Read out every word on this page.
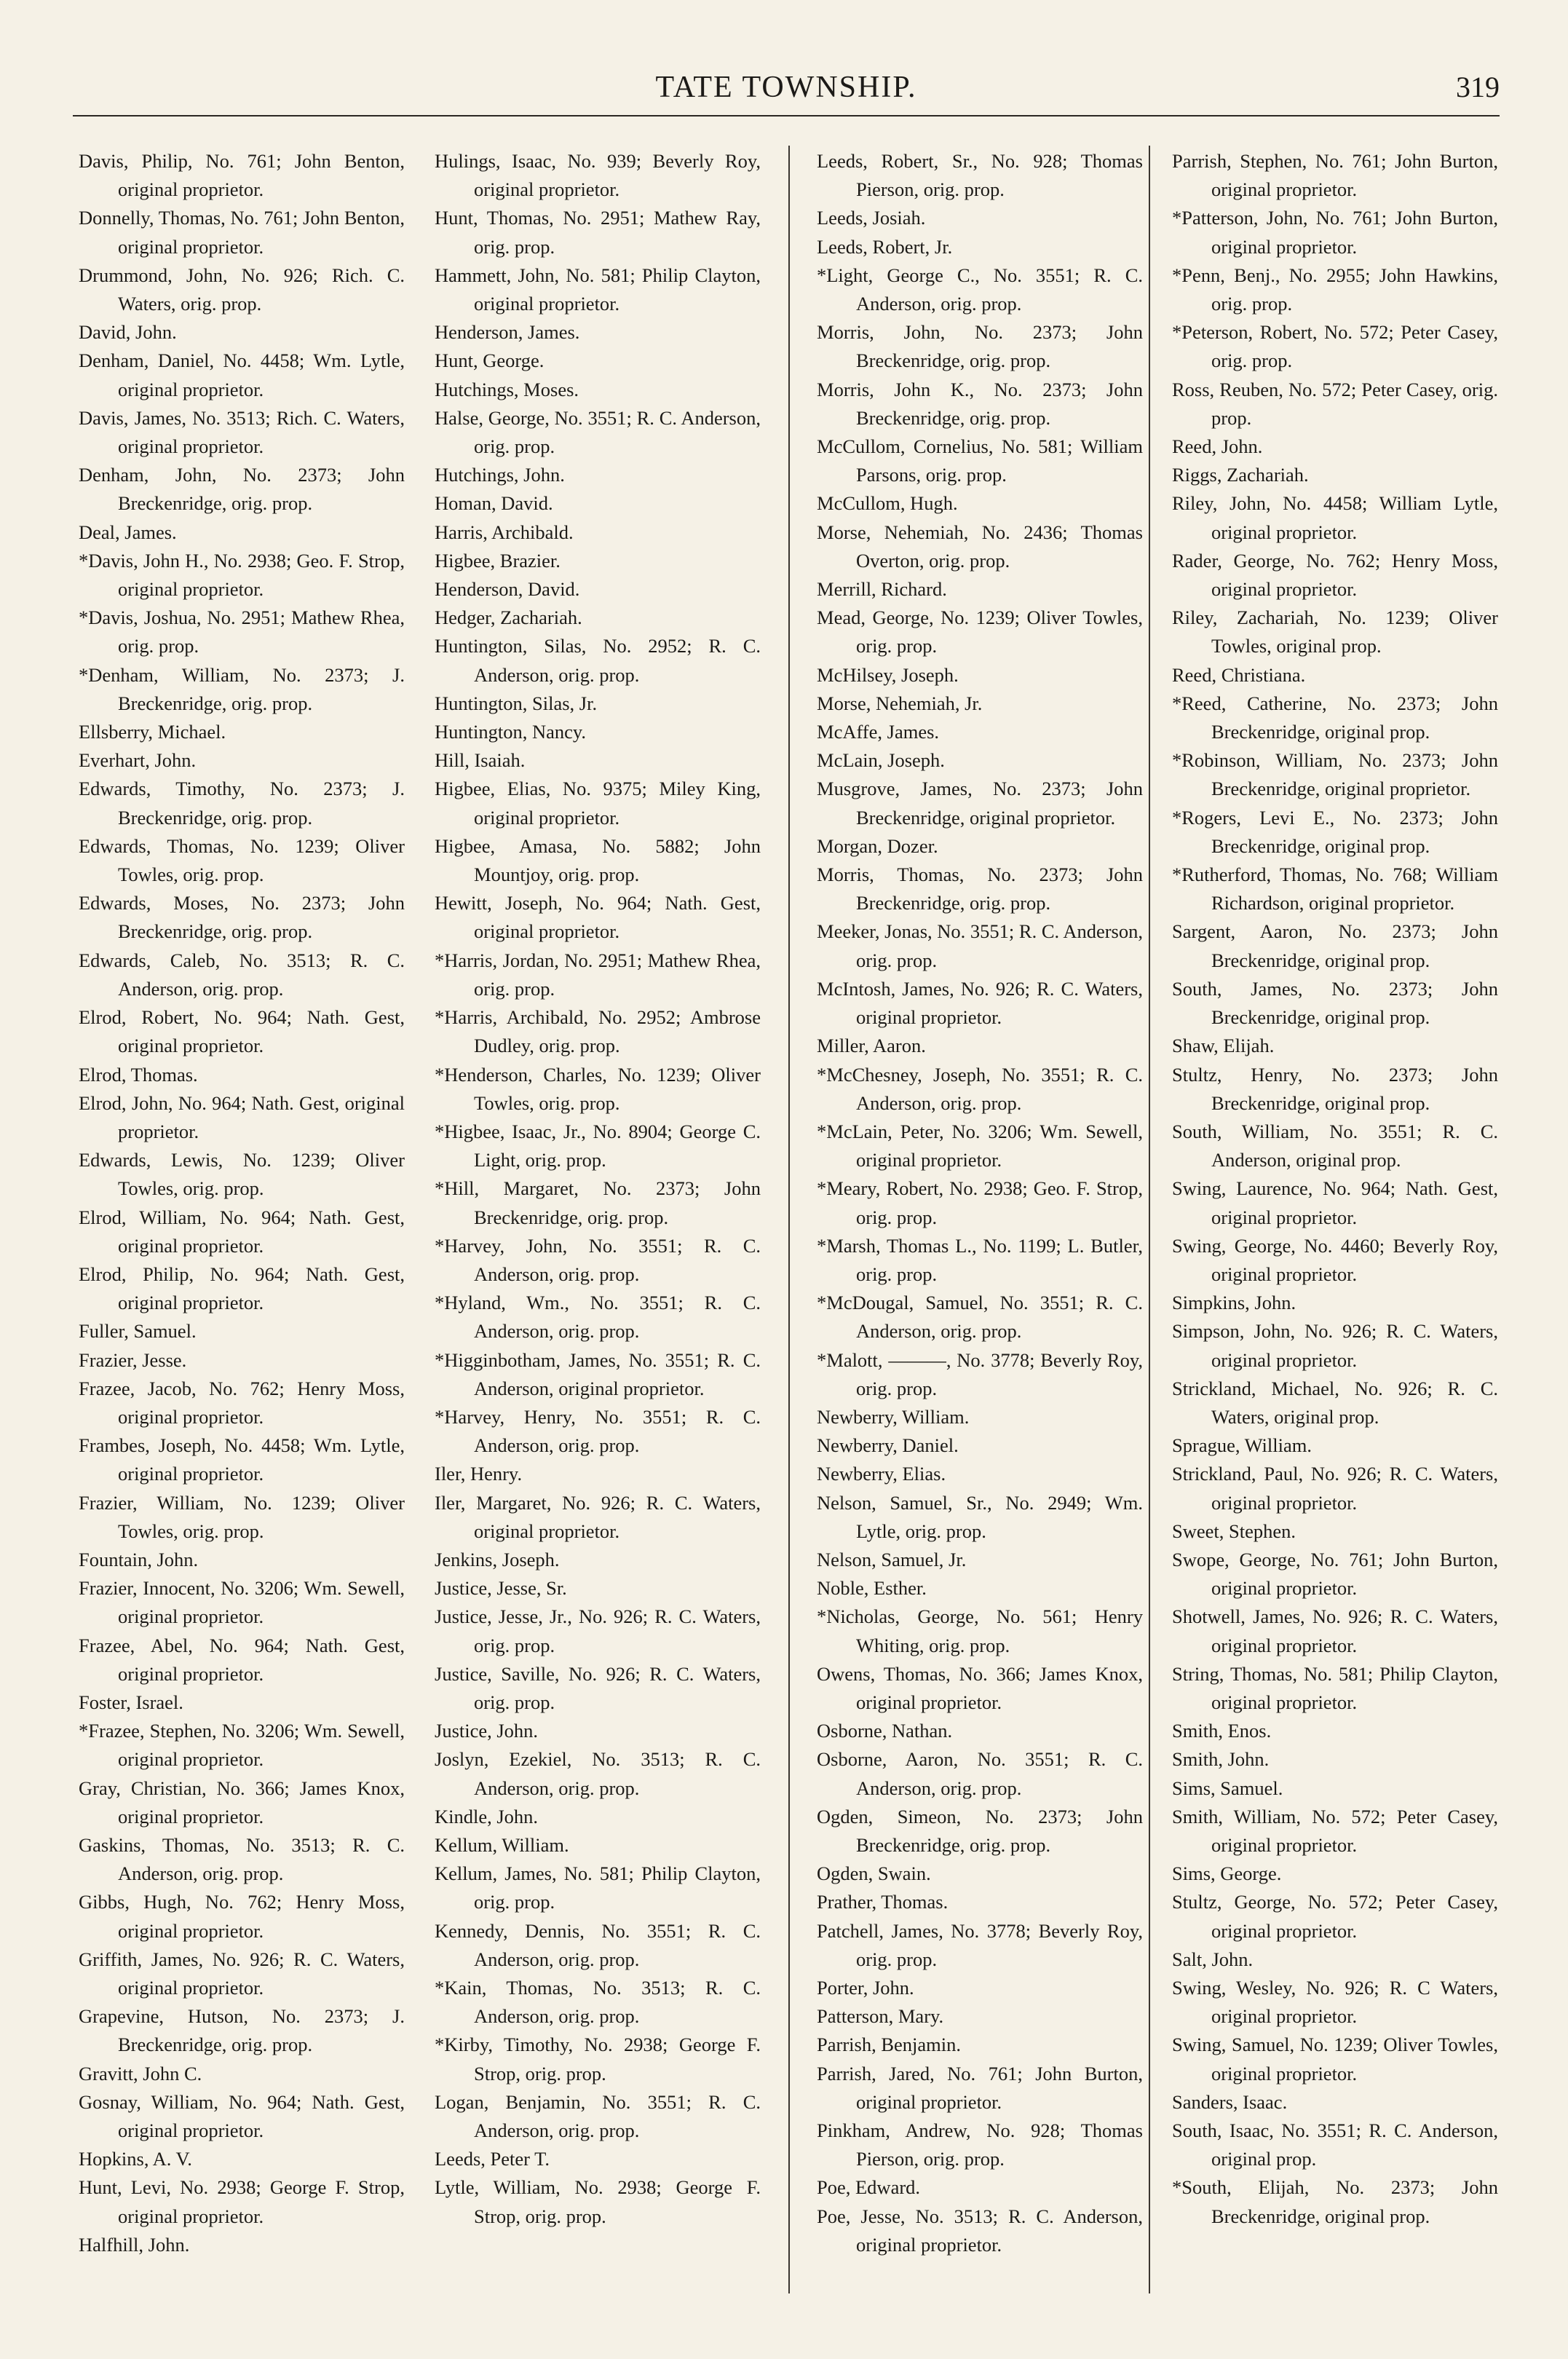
TATE TOWNSHIP.	319
Davis, Philip, No. 761; John Benton, original proprietor.
Donnelly, Thomas, No. 761; John Benton, original proprietor.
Drummond, John, No. 926; Rich. C. Waters, orig. prop.
David, John.
Denham, Daniel, No. 4458; Wm. Lytle, original proprietor.
Davis, James, No. 3513; Rich. C. Waters, original proprietor.
Denham, John, No. 2373; John Breckenridge, orig. prop.
Deal, James.
*Davis, John H., No. 2938; Geo. F. Strop, original proprietor.
*Davis, Joshua, No. 2951; Mathew Rhea, orig. prop.
*Denham, William, No. 2373; J. Breckenridge, orig. prop.
Ellsberry, Michael.
Everhart, John.
Edwards, Timothy, No. 2373; J. Breckenridge, orig. prop.
Edwards, Thomas, No. 1239; Oliver Towles, orig. prop.
Edwards, Moses, No. 2373; John Breckenridge, orig. prop.
Edwards, Caleb, No. 3513; R. C. Anderson, orig. prop.
Elrod, Robert, No. 964; Nath. Gest, original proprietor.
Elrod, Thomas.
Elrod, John, No. 964; Nath. Gest, original proprietor.
Edwards, Lewis, No. 1239; Oliver Towles, orig. prop.
Elrod, William, No. 964; Nath. Gest, original proprietor.
Elrod, Philip, No. 964; Nath. Gest, original proprietor.
Fuller, Samuel.
Frazier, Jesse.
Frazee, Jacob, No. 762; Henry Moss, original proprietor.
Frambes, Joseph, No. 4458; Wm. Lytle, original proprietor.
Frazier, William, No. 1239; Oliver Towles, orig. prop.
Fountain, John.
Frazier, Innocent, No. 3206; Wm. Sewell, original proprietor.
Frazee, Abel, No. 964; Nath. Gest, original proprietor.
Foster, Israel.
*Frazee, Stephen, No. 3206; Wm. Sewell, original proprietor.
Gray, Christian, No. 366; James Knox, original proprietor.
Gaskins, Thomas, No. 3513; R. C. Anderson, orig. prop.
Gibbs, Hugh, No. 762; Henry Moss, original proprietor.
Griffith, James, No. 926; R. C. Waters, original proprietor.
Grapevine, Hutson, No. 2373; J. Breckenridge, orig. prop.
Gravitt, John C.
Gosnay, William, No. 964; Nath. Gest, original proprietor.
Hopkins, A. V.
Hunt, Levi, No. 2938; George F. Strop, original proprietor.
Halfhill, John.
Hulings, Isaac, No. 939; Beverly Roy, original proprietor.
Hunt, Thomas, No. 2951; Mathew Ray, orig. prop.
Hammett, John, No. 581; Philip Clayton, original proprietor.
Henderson, James.
Hunt, George.
Hutchings, Moses.
Halse, George, No. 3551; R. C. Anderson, orig. prop.
Hutchings, John.
Homan, David.
Harris, Archibald.
Higbee, Brazier.
Henderson, David.
Hedger, Zachariah.
Huntington, Silas, No. 2952; R. C. Anderson, orig. prop.
Huntington, Silas, Jr.
Huntington, Nancy.
Hill, Isaiah.
Higbee, Elias, No. 9375; Miley King, original proprietor.
Higbee, Amasa, No. 5882; John Mountjoy, orig. prop.
Hewitt, Joseph, No. 964; Nath. Gest, original proprietor.
*Harris, Jordan, No. 2951; Mathew Rhea, orig. prop.
*Harris, Archibald, No. 2952; Ambrose Dudley, orig. prop.
*Henderson, Charles, No. 1239; Oliver Towles, orig. prop.
*Higbee, Isaac, Jr., No. 8904; George C. Light, orig. prop.
*Hill, Margaret, No. 2373; John Breckenridge, orig. prop.
*Harvey, John, No. 3551; R. C. Anderson, orig. prop.
*Hyland, Wm., No. 3551; R. C. Anderson, orig. prop.
*Higginbotham, James, No. 3551; R. C. Anderson, original proprietor.
*Harvey, Henry, No. 3551; R. C. Anderson, orig. prop.
Iler, Henry.
Iler, Margaret, No. 926; R. C. Waters, original proprietor.
Jenkins, Joseph.
Justice, Jesse, Sr.
Justice, Jesse, Jr., No. 926; R. C. Waters, orig. prop.
Justice, Saville, No. 926; R. C. Waters, orig. prop.
Justice, John.
Joslyn, Ezekiel, No. 3513; R. C. Anderson, orig. prop.
Kindle, John.
Kellum, William.
Kellum, James, No. 581; Philip Clayton, orig. prop.
Kennedy, Dennis, No. 3551; R. C. Anderson, orig. prop.
*Kain, Thomas, No. 3513; R. C. Anderson, orig. prop.
*Kirby, Timothy, No. 2938; George F. Strop, orig. prop.
Logan, Benjamin, No. 3551; R. C. Anderson, orig. prop.
Leeds, Peter T.
Lytle, William, No. 2938; George F. Strop, orig. prop.
Leeds, Robert, Sr., No. 928; Thomas Pierson, orig. prop.
Leeds, Josiah.
Leeds, Robert, Jr.
*Light, George C., No. 3551; R. C. Anderson, orig. prop.
Morris, John, No. 2373; John Breckenridge, orig. prop.
Morris, John K., No. 2373; John Breckenridge, orig. prop.
McCullom, Cornelius, No. 581; William Parsons, orig. prop.
McCullom, Hugh.
Morse, Nehemiah, No. 2436; Thomas Overton, orig. prop.
Merrill, Richard.
Mead, George, No. 1239; Oliver Towles, orig. prop.
McHilsey, Joseph.
Morse, Nehemiah, Jr.
McAffe, James.
McLain, Joseph.
Musgrove, James, No. 2373; John Breckenridge, original proprietor.
Morgan, Dozer.
Morris, Thomas, No. 2373; John Breckenridge, orig. prop.
Meeker, Jonas, No. 3551; R. C. Anderson, orig. prop.
McIntosh, James, No. 926; R. C. Waters, original proprietor.
Miller, Aaron.
*McChesney, Joseph, No. 3551; R. C. Anderson, orig. prop.
*McLain, Peter, No. 3206; Wm. Sewell, original proprietor.
*Meary, Robert, No. 2938; Geo. F. Strop, orig. prop.
*Marsh, Thomas L., No. 1199; L. Butler, orig. prop.
*McDougal, Samuel, No. 3551; R. C. Anderson, orig. prop.
*Malott, ———, No. 3778; Beverly Roy, orig. prop.
Newberry, William.
Newberry, Daniel.
Newberry, Elias.
Nelson, Samuel, Sr., No. 2949; Wm. Lytle, orig. prop.
Nelson, Samuel, Jr.
Noble, Esther.
*Nicholas, George, No. 561; Henry Whiting, orig. prop.
Owens, Thomas, No. 366; James Knox, original proprietor.
Osborne, Nathan.
Osborne, Aaron, No. 3551; R. C. Anderson, orig. prop.
Ogden, Simeon, No. 2373; John Breckenridge, orig. prop.
Ogden, Swain.
Prather, Thomas.
Patchell, James, No. 3778; Beverly Roy, orig. prop.
Porter, John.
Patterson, Mary.
Parrish, Benjamin.
Parrish, Jared, No. 761; John Burton, original proprietor.
Pinkham, Andrew, No. 928; Thomas Pierson, orig. prop.
Poe, Edward.
Poe, Jesse, No. 3513; R. C. Anderson, original proprietor.
Parrish, Stephen, No. 761; John Burton, original proprietor.
*Patterson, John, No. 761; John Burton, original proprietor.
*Penn, Benj., No. 2955; John Hawkins, orig. prop.
*Peterson, Robert, No. 572; Peter Casey, orig. prop.
Ross, Reuben, No. 572; Peter Casey, orig. prop.
Reed, John.
Riggs, Zachariah.
Riley, John, No. 4458; William Lytle, original proprietor.
Rader, George, No. 762; Henry Moss, original proprietor.
Riley, Zachariah, No. 1239; Oliver Towles, original prop.
Reed, Christiana.
*Reed, Catherine, No. 2373; John Breckenridge, original prop.
*Robinson, William, No. 2373; John Breckenridge, original proprietor.
*Rogers, Levi E., No. 2373; John Breckenridge, original prop.
*Rutherford, Thomas, No. 768; William Richardson, original proprietor.
Sargent, Aaron, No. 2373; John Breckenridge, original prop.
South, James, No. 2373; John Breckenridge, original prop.
Shaw, Elijah.
Stultz, Henry, No. 2373; John Breckenridge, original prop.
South, William, No. 3551; R. C. Anderson, original prop.
Swing, Laurence, No. 964; Nath. Gest, original proprietor.
Swing, George, No. 4460; Beverly Roy, original proprietor.
Simpkins, John.
Simpson, John, No. 926; R. C. Waters, original proprietor.
Strickland, Michael, No. 926; R. C. Waters, original prop.
Sprague, William.
Strickland, Paul, No. 926; R. C. Waters, original proprietor.
Sweet, Stephen.
Swope, George, No. 761; John Burton, original proprietor.
Shotwell, James, No. 926; R. C. Waters, original proprietor.
String, Thomas, No. 581; Philip Clayton, original proprietor.
Smith, Enos.
Smith, John.
Sims, Samuel.
Smith, William, No. 572; Peter Casey, original proprietor.
Sims, George.
Stultz, George, No. 572; Peter Casey, original proprietor.
Salt, John.
Swing, Wesley, No. 926; R. C Waters, original proprietor.
Swing, Samuel, No. 1239; Oliver Towles, original proprietor.
Sanders, Isaac.
South, Isaac, No. 3551; R. C. Anderson, original prop.
*South, Elijah, No. 2373; John Breckenridge, original prop.
